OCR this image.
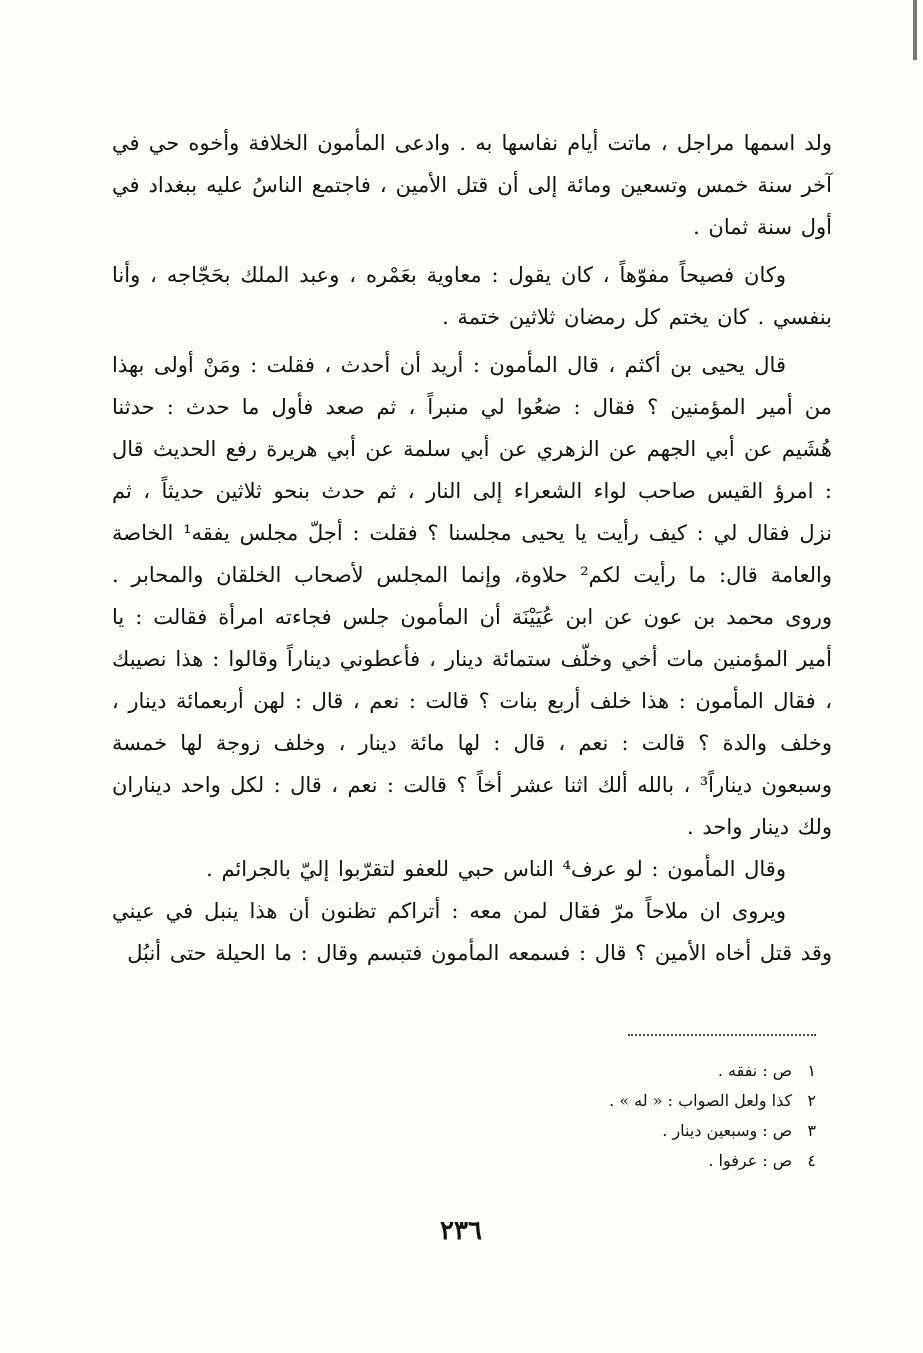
ولد اسمها مراجل ، ماتت أيام نفاسها به . وادعى المأمون الخلافة وأخوه حي في آخر سنة خمس وتسعين ومائة إلى أن قتل الأمين ، فاجتمع الناسُ عليه ببغداد في أول سنة ثمان .

وكان فصيحاً مفوّهاً ، كان يقول : معاوية بعَمْره ، وعبد الملك بحَجّاجه ، وأنا بنفسي . كان يختم كل رمضان ثلاثين ختمة .

قال يحيى بن أكثم ، قال المأمون : أريد أن أحدث ، فقلت : ومَنْ أولى بهذا من أمير المؤمنين ؟ فقال : ضعُوا لي منبراً ، ثم صعد فأول ما حدث : حدثنا هُشَيم عن أبي الجهم عن الزهري عن أبي سلمة عن أبي هريرة رفع الحديث قال : امرؤ القيس صاحب لواء الشعراء إلى النار ، ثم حدث بنحو ثلاثين حديثاً ، ثم نزل فقال لي : كيف رأيت يا يحيى مجلسنا ؟ فقلت : أجلّ مجلس يفقه¹ الخاصة والعامة قال: ما رأيت لكم² حلاوة، وإنما المجلس لأصحاب الخلقان والمحابر . وروى محمد بن عون عن ابن عُيَيْنَة أن المأمون جلس فجاءته امرأة فقالت : يا أمير المؤمنين مات أخي وخلّف ستمائة دينار ، فأعطوني ديناراً وقالوا : هذا نصيبك ، فقال المأمون : هذا خلف أربع بنات ؟ قالت : نعم ، قال : لهن أربعمائة دينار ، وخلف والدة ؟ قالت : نعم ، قال : لها مائة دينار ، وخلف زوجة لها خمسة وسبعون ديناراً³ ، بالله ألك اثنا عشر أخاً ؟ قالت : نعم ، قال : لكل واحد ديناران ولك دينار واحد .

وقال المأمون : لو عرف⁴ الناس حبي للعفو لتقرّبوا إليّ بالجرائم .

ويروى ان ملاحاً مرّ فقال لمن معه : أتراكم تظنون أن هذا ينبل في عيني وقد قتل أخاه الأمين ؟ قال : فسمعه المأمون فتبسم وقال : ما الحيلة حتى أنبُل

١   ص : نفقه .

٢   كذا ولعل الصواب : « له » .

٣   ص : وسبعين دينار .

٤   ص : عرفوا .

٢٣٦
